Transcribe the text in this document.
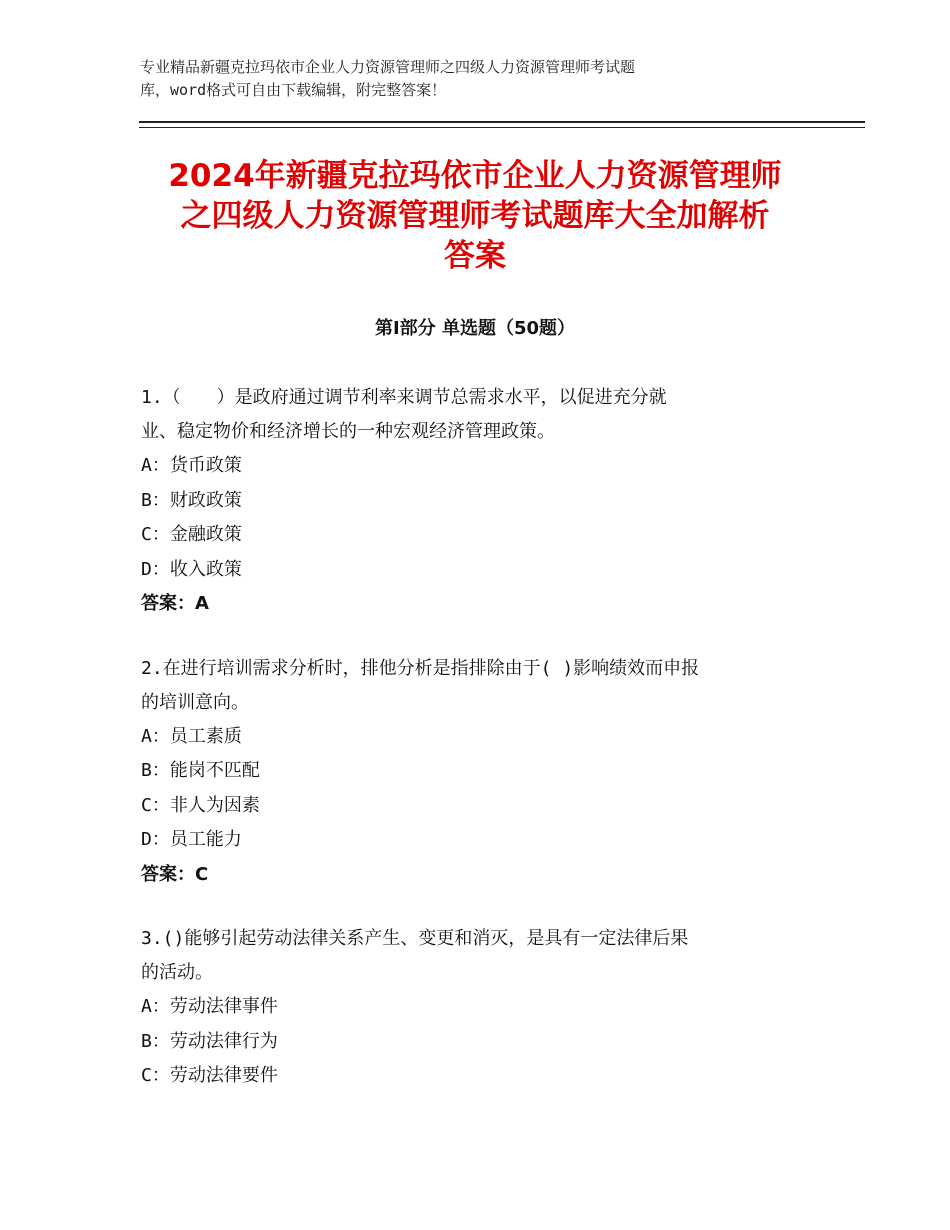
专业精品新疆克拉玛依市企业人力资源管理师之四级人力资源管理师考试题
库，word格式可自由下载编辑，附完整答案！
2024年新疆克拉玛依市企业人力资源管理师
之四级人力资源管理师考试题库大全加解析
答案
第Ⅰ部分 单选题（50题）
1.（　　）是政府通过调节利率来调节总需求水平，以促进充分就
业、稳定物价和经济增长的一种宏观经济管理政策。
A：货币政策
B：财政政策
C：金融政策
D：收入政策
答案：A
2.在进行培训需求分析时，排他分析是指排除由于( )影响绩效而申报
的培训意向。
A：员工素质
B：能岗不匹配
C：非人为因素
D：员工能力
答案：C
3.()能够引起劳动法律关系产生、变更和消灭，是具有一定法律后果
的活动。
A：劳动法律事件
B：劳动法律行为
C：劳动法律要件
